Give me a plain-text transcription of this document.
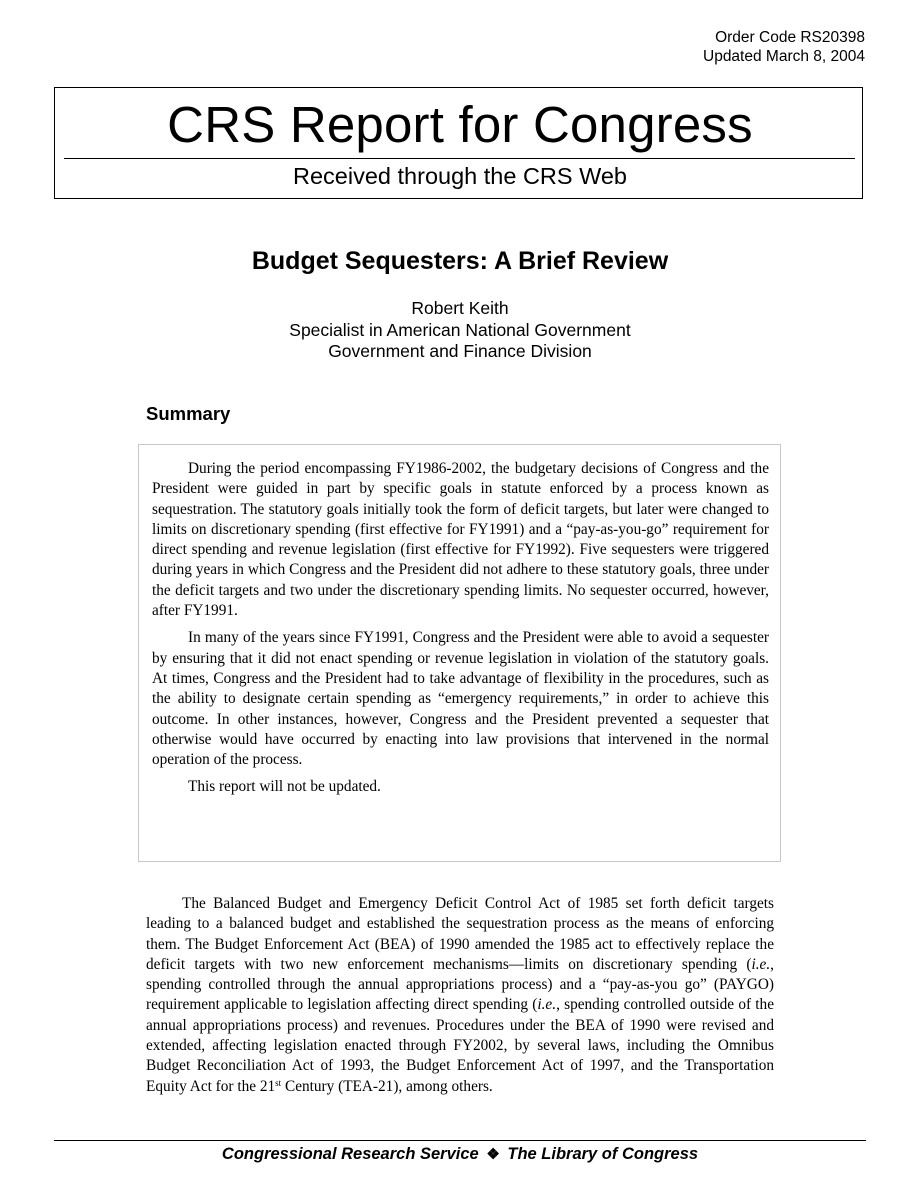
Order Code RS20398
Updated March 8, 2004
CRS Report for Congress
Received through the CRS Web
Budget Sequesters: A Brief Review
Robert Keith
Specialist in American National Government
Government and Finance Division
Summary

During the period encompassing FY1986-2002, the budgetary decisions of Congress and the President were guided in part by specific goals in statute enforced by a process known as sequestration. The statutory goals initially took the form of deficit targets, but later were changed to limits on discretionary spending (first effective for FY1991) and a “pay-as-you-go” requirement for direct spending and revenue legislation (first effective for FY1992). Five sequesters were triggered during years in which Congress and the President did not adhere to these statutory goals, three under the deficit targets and two under the discretionary spending limits. No sequester occurred, however, after FY1991.

In many of the years since FY1991, Congress and the President were able to avoid a sequester by ensuring that it did not enact spending or revenue legislation in violation of the statutory goals. At times, Congress and the President had to take advantage of flexibility in the procedures, such as the ability to designate certain spending as “emergency requirements,” in order to achieve this outcome. In other instances, however, Congress and the President prevented a sequester that otherwise would have occurred by enacting into law provisions that intervened in the normal operation of the process.

This report will not be updated.

The Balanced Budget and Emergency Deficit Control Act of 1985 set forth deficit targets leading to a balanced budget and established the sequestration process as the means of enforcing them. The Budget Enforcement Act (BEA) of 1990 amended the 1985 act to effectively replace the deficit targets with two new enforcement mechanisms—limits on discretionary spending (i.e., spending controlled through the annual appropriations process) and a “pay-as-you go” (PAYGO) requirement applicable to legislation affecting direct spending (i.e., spending controlled outside of the annual appropriations process) and revenues. Procedures under the BEA of 1990 were revised and extended, affecting legislation enacted through FY2002, by several laws, including the Omnibus Budget Reconciliation Act of 1993, the Budget Enforcement Act of 1997, and the Transportation Equity Act for the 21st Century (TEA-21), among others.

Congressional Research Service ❖ The Library of Congress
